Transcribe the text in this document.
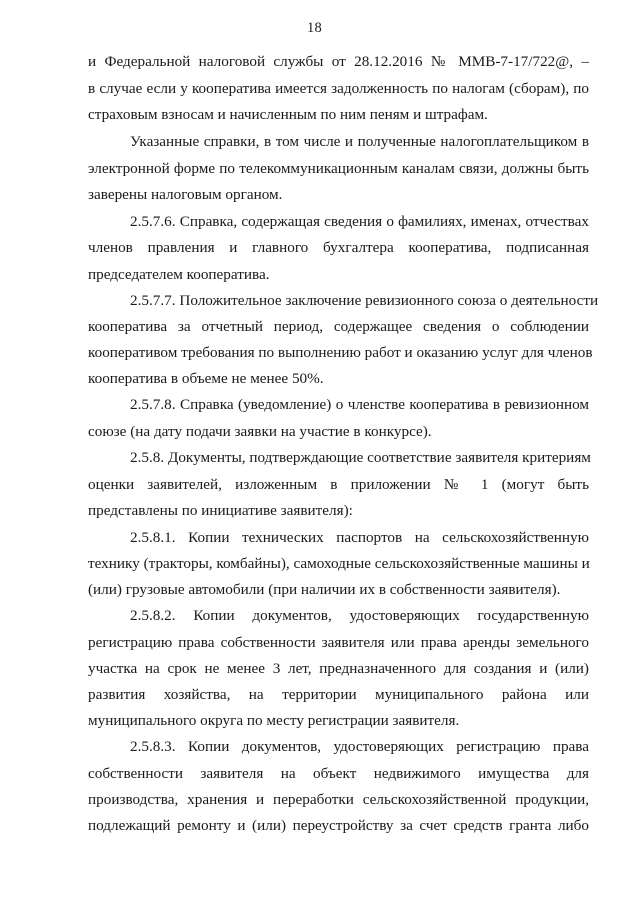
18
и Федеральной налоговой службы от 28.12.2016 № ММВ-7-17/722@, –
в случае если у кооператива имеется задолженность по налогам (сборам), по
страховым взносам и начисленным по ним пеням и штрафам.
Указанные справки, в том числе и полученные налогоплательщиком в
электронной форме по телекоммуникационным каналам связи, должны быть
заверены налоговым органом.
2.5.7.6. Справка, содержащая сведения о фамилиях, именах, отчествах
членов правления и главного бухгалтера кооператива, подписанная
председателем кооператива.
2.5.7.7. Положительное заключение ревизионного союза о деятельности
кооператива за отчетный период, содержащее сведения о соблюдении
кооперативом требования по выполнению работ и оказанию услуг для членов
кооператива в объеме не менее 50%.
2.5.7.8. Справка (уведомление) о членстве кооператива в ревизионном
союзе (на дату подачи заявки на участие в конкурсе).
2.5.8. Документы, подтверждающие соответствие заявителя критериям
оценки заявителей, изложенным в приложении № 1 (могут быть
представлены по инициативе заявителя):
2.5.8.1. Копии технических паспортов на сельскохозяйственную
технику (тракторы, комбайны), самоходные сельскохозяйственные машины и
(или) грузовые автомобили (при наличии их в собственности заявителя).
2.5.8.2. Копии документов, удостоверяющих государственную
регистрацию права собственности заявителя или права аренды земельного
участка на срок не менее 3 лет, предназначенного для создания и (или)
развития хозяйства, на территории муниципального района или
муниципального округа по месту регистрации заявителя.
2.5.8.3. Копии документов, удостоверяющих регистрацию права
собственности заявителя на объект недвижимого имущества для
производства, хранения и переработки сельскохозяйственной продукции,
подлежащий ремонту и (или) переустройству за счет средств гранта либо
